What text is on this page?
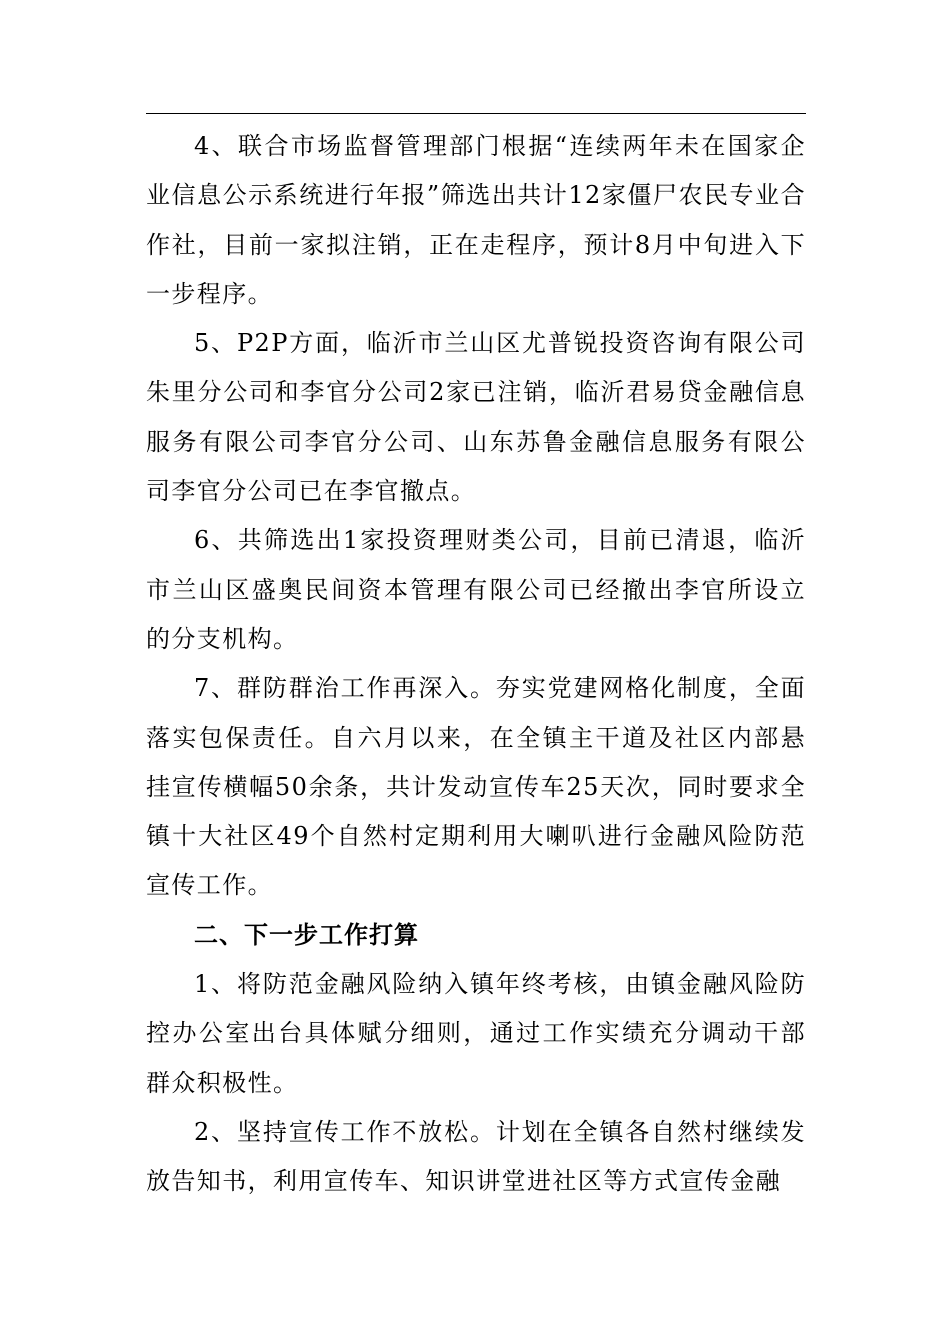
4、联合市场监督管理部门根据“连续两年未在国家企业信息公示系统进行年报”筛选出共计12家僵尸农民专业合作社，目前一家拟注销，正在走程序，预计8月中旬进入下一步程序。

5、P2P方面，临沂市兰山区尤普锐投资咨询有限公司朱里分公司和李官分公司2家已注销，临沂君易贷金融信息服务有限公司李官分公司、山东苏鲁金融信息服务有限公司李官分公司已在李官撤点。

6、共筛选出1家投资理财类公司，目前已清退，临沂市兰山区盛奥民间资本管理有限公司已经撤出李官所设立的分支机构。

7、群防群治工作再深入。夯实党建网格化制度，全面落实包保责任。自六月以来，在全镇主干道及社区内部悬挂宣传横幅50余条，共计发动宣传车25天次，同时要求全镇十大社区49个自然村定期利用大喇叭进行金融风险防范宣传工作。

二、下一步工作打算

1、将防范金融风险纳入镇年终考核，由镇金融风险防控办公室出台具体赋分细则，通过工作实绩充分调动干部群众积极性。

2、坚持宣传工作不放松。计划在全镇各自然村继续发放告知书，利用宣传车、知识讲堂进社区等方式宣传金融
